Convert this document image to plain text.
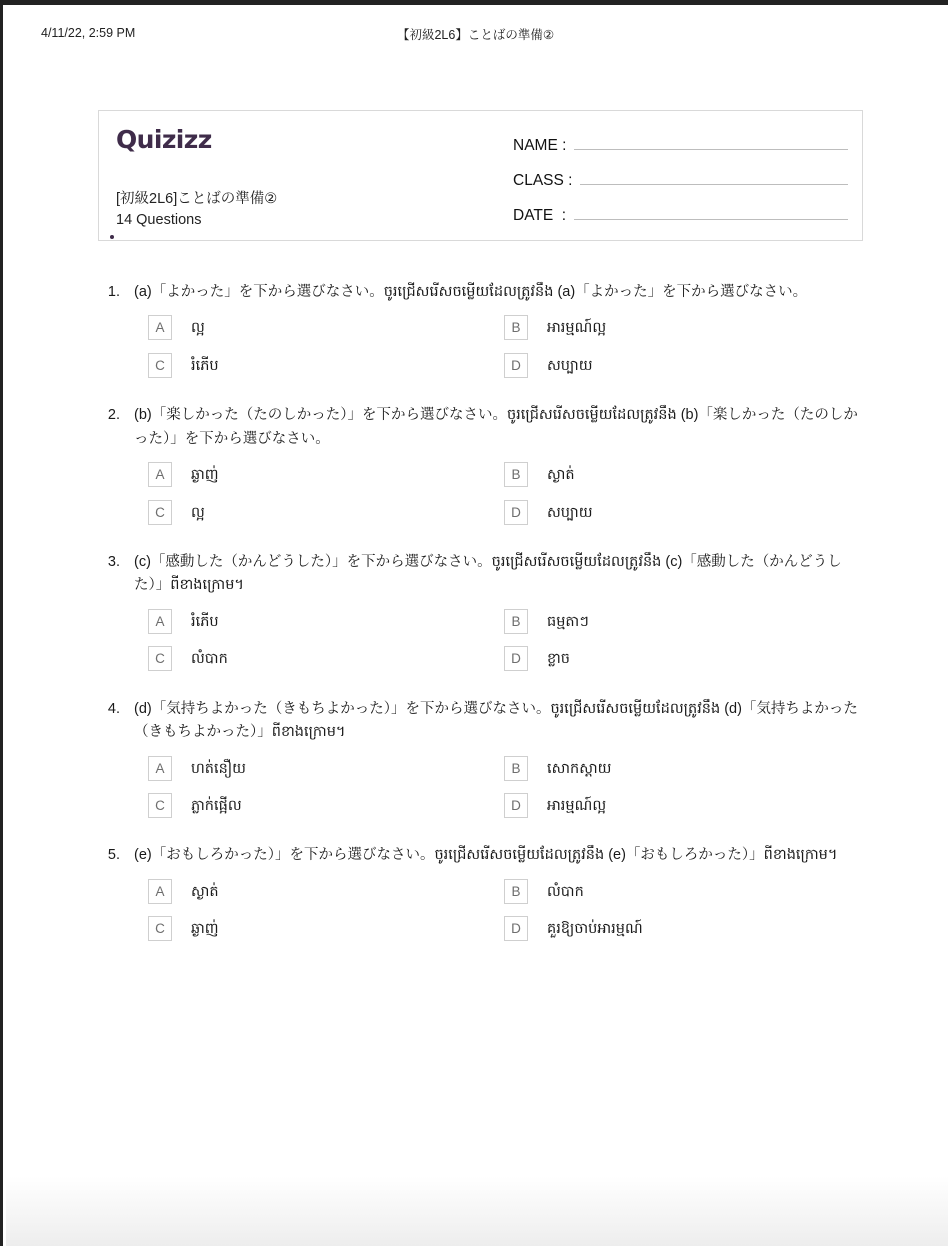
4/11/22, 2:59 PM	【初級2L6】ことばの準備②
Quizizz
[初級2L6]ことばの準備②
14 Questions
NAME :
CLASS :
DATE  :
1. (a)「よかった」を下から選びなさい。ចូរជ្រើសរើសចម្លើយដែលត្រូវនឹង (a)「よかった」を下から選びなさい。
A	ល្អ	B	អារម្មណ៍ល្អ
C	រំភើប	D	សប្បាយ
2. (b)「楽しかった（たのしかった）」を下から選びなさい。ចូរជ្រើសរើសចម្លើយដែលត្រូវនឹង (b)「楽しかった（たのしかった）」を下から選びなさい。
A	ឆ្ងាញ់	B	ស្ងាត់
C	ល្អ	D	សប្បាយ
3. (c)「感動した（かんどうした）」を下から選びなさい。ចូរជ្រើសរើសចម្លើយដែលត្រូវនឹង (c)「感動した（かんどうした）」ពីខាងក្រោម។
A	រំភើប	B	ធម្មតាៗ
C	លំបាក	D	ខ្លាច
4. (d)「気持ちよかった（きもちよかった）」を下から選びなさい。ចូរជ្រើសរើសចម្លើយដែលត្រូវនឹង (d)「気持ちよかった（きもちよかった）」ពីខាងក្រោម។
A	ហត់នឿយ	B	សោកស្តាយ
C	ភ្លាក់ផ្អើល	D	អារម្មណ៍ល្អ
5. (e)「おもしろかった）」を下から選びなさい。ចូរជ្រើសរើសចម្លើយដែលត្រូវនឹង (e)「おもしろかった）」ពីខាងក្រោម។
A	ស្ងាត់	B	លំបាក
C	ឆ្ងាញ់	D	គួរឱ្យចាប់អារម្មណ៍
